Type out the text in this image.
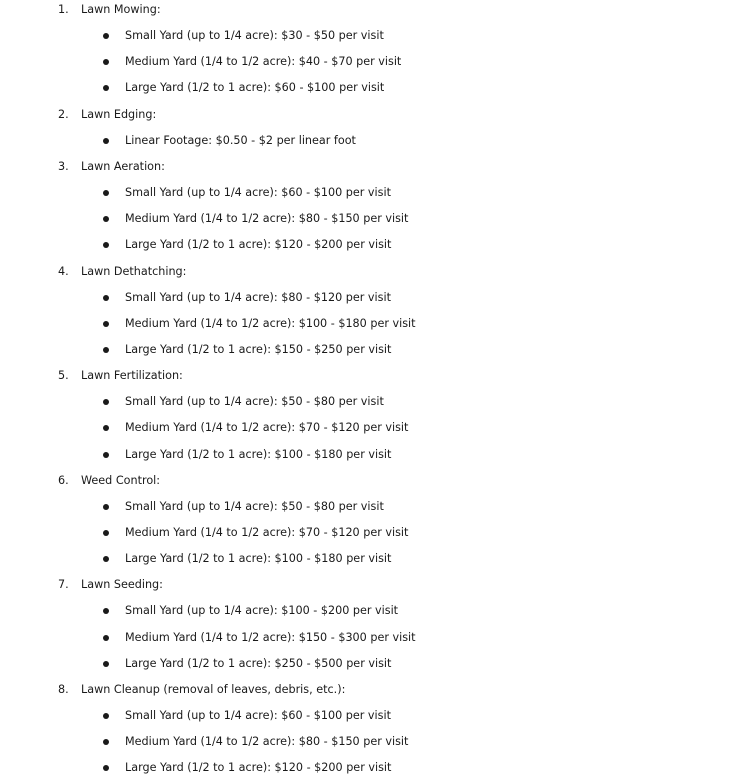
1. Lawn Mowing:
Small Yard (up to 1/4 acre): $30 - $50 per visit
Medium Yard (1/4 to 1/2 acre): $40 - $70 per visit
Large Yard (1/2 to 1 acre): $60 - $100 per visit
2. Lawn Edging:
Linear Footage: $0.50 - $2 per linear foot
3. Lawn Aeration:
Small Yard (up to 1/4 acre): $60 - $100 per visit
Medium Yard (1/4 to 1/2 acre): $80 - $150 per visit
Large Yard (1/2 to 1 acre): $120 - $200 per visit
4. Lawn Dethatching:
Small Yard (up to 1/4 acre): $80 - $120 per visit
Medium Yard (1/4 to 1/2 acre): $100 - $180 per visit
Large Yard (1/2 to 1 acre): $150 - $250 per visit
5. Lawn Fertilization:
Small Yard (up to 1/4 acre): $50 - $80 per visit
Medium Yard (1/4 to 1/2 acre): $70 - $120 per visit
Large Yard (1/2 to 1 acre): $100 - $180 per visit
6. Weed Control:
Small Yard (up to 1/4 acre): $50 - $80 per visit
Medium Yard (1/4 to 1/2 acre): $70 - $120 per visit
Large Yard (1/2 to 1 acre): $100 - $180 per visit
7. Lawn Seeding:
Small Yard (up to 1/4 acre): $100 - $200 per visit
Medium Yard (1/4 to 1/2 acre): $150 - $300 per visit
Large Yard (1/2 to 1 acre): $250 - $500 per visit
8. Lawn Cleanup (removal of leaves, debris, etc.):
Small Yard (up to 1/4 acre): $60 - $100 per visit
Medium Yard (1/4 to 1/2 acre): $80 - $150 per visit
Large Yard (1/2 to 1 acre): $120 - $200 per visit
